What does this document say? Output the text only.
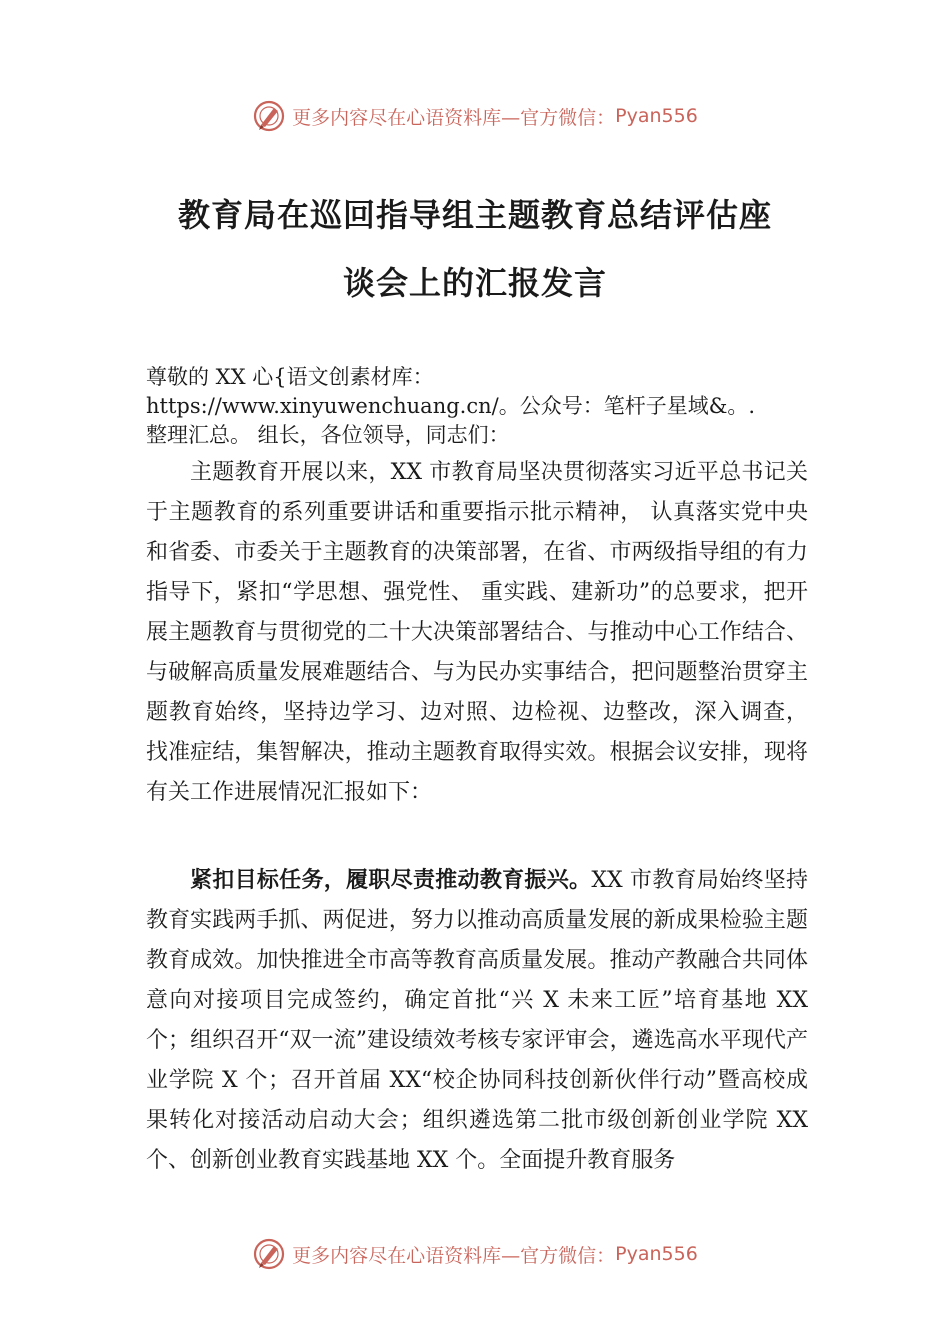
更多内容尽在心语资料库—官方微信： Pyan556
教育局在巡回指导组主题教育总结评估座
谈会上的汇报发言
尊敬的 XX 心{语文创素材库：
https://www.xinyuwenchuang.cn/。公众号：笔杆子星域&。.
整理汇总。 组长，各位领导，同志们：

主题教育开展以来，XX 市教育局坚决贯彻落实习近平总书记关于主题教育的系列重要讲话和重要指示批示精神， 认真落实党中央和省委、市委关于主题教育的决策部署，在省、市两级指导组的有力指导下，紧扣“学思想、强党性、 重实践、建新功”的总要求，把开展主题教育与贯彻党的二十大决策部署结合、与推动中心工作结合、与破解高质量发展难题结合、与为民办实事结合，把问题整治贯穿主题教育始终，坚持边学习、边对照、边检视、边整改，深入调查， 找准症结，集智解决，推动主题教育取得实效。根据会议安排，现将有关工作进展情况汇报如下：

紧扣目标任务，履职尽责推动教育振兴。XX 市教育局始终坚持教育实践两手抓、两促进，努力以推动高质量发展的新成果检验主题教育成效。加快推进全市高等教育高质量发展。推动产教融合共同体意向对接项目完成签约，确定首批“兴 X 未来工匠”培育基地 XX 个；组织召开“双一流”建设绩效考核专家评审会，遴选高水平现代产业学院 X 个；召开首届 XX“校企协同科技创新伙伴行动”暨高校成果转化对接活动启动大会；组织遴选第二批市级创新创业学院 XX 个、创新创业教育实践基地 XX 个。全面提升教育服务

更多内容尽在心语资料库—官方微信： Pyan556
